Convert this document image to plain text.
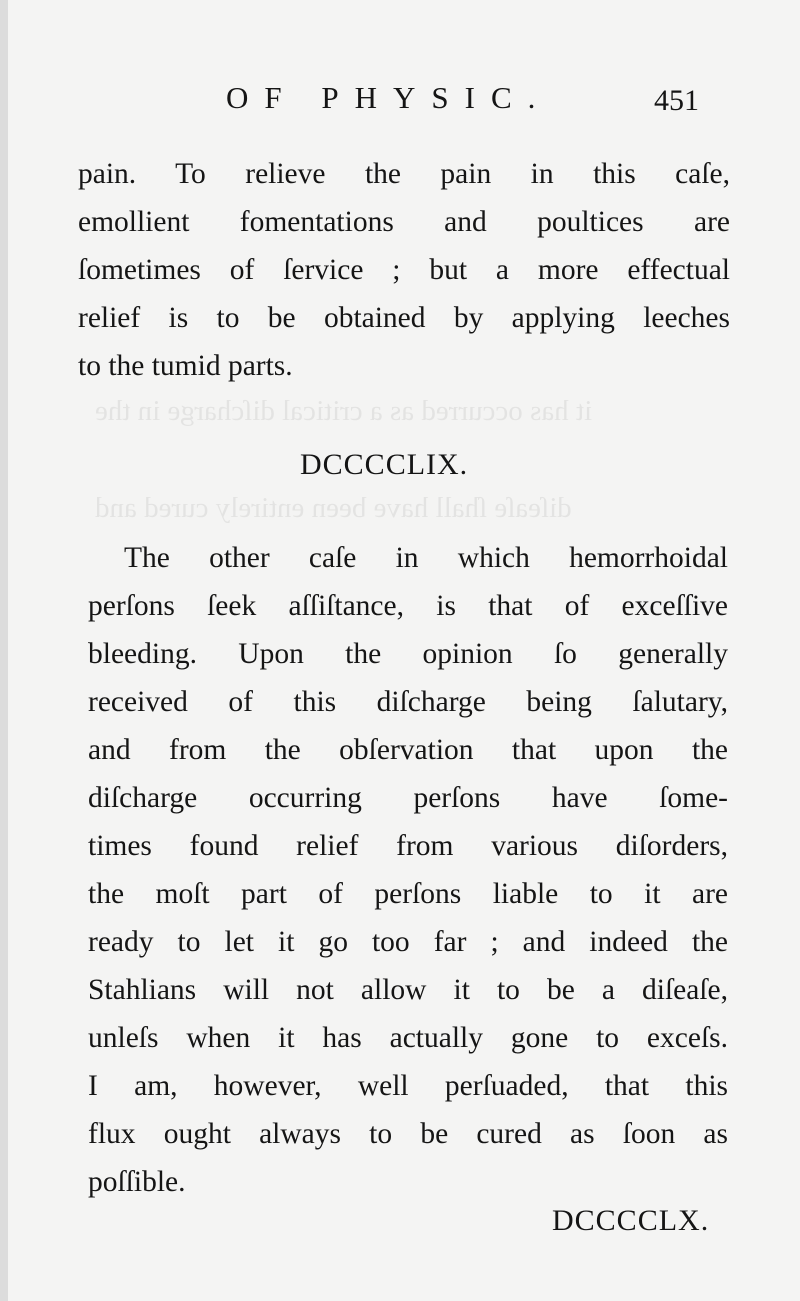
it has occurred as a critical diſcharge in the
diſeaſe ſhall have been entirely cured and
OF PHYSIC.	451
pain. To relieve the pain in this caſe,
emollient fomentations and poultices are
ſometimes of ſervice ; but a more effectual
relief is to be obtained by applying leeches
to the tumid parts.
DCCCCLIX.
The other caſe in which hemorrhoidal
perſons ſeek aſſiſtance, is that of exceſſive
bleeding. Upon the opinion ſo generally
received of this diſcharge being ſalutary,
and from the obſervation that upon the
diſcharge occurring perſons have ſome-
times found relief from various diſorders,
the moſt part of perſons liable to it are
ready to let it go too far ; and indeed the
Stahlians will not allow it to be a diſeaſe,
unleſs when it has actually gone to exceſs.
I am, however, well perſuaded, that this
flux ought always to be cured as ſoon as
poſſible.
DCCCCLX.
